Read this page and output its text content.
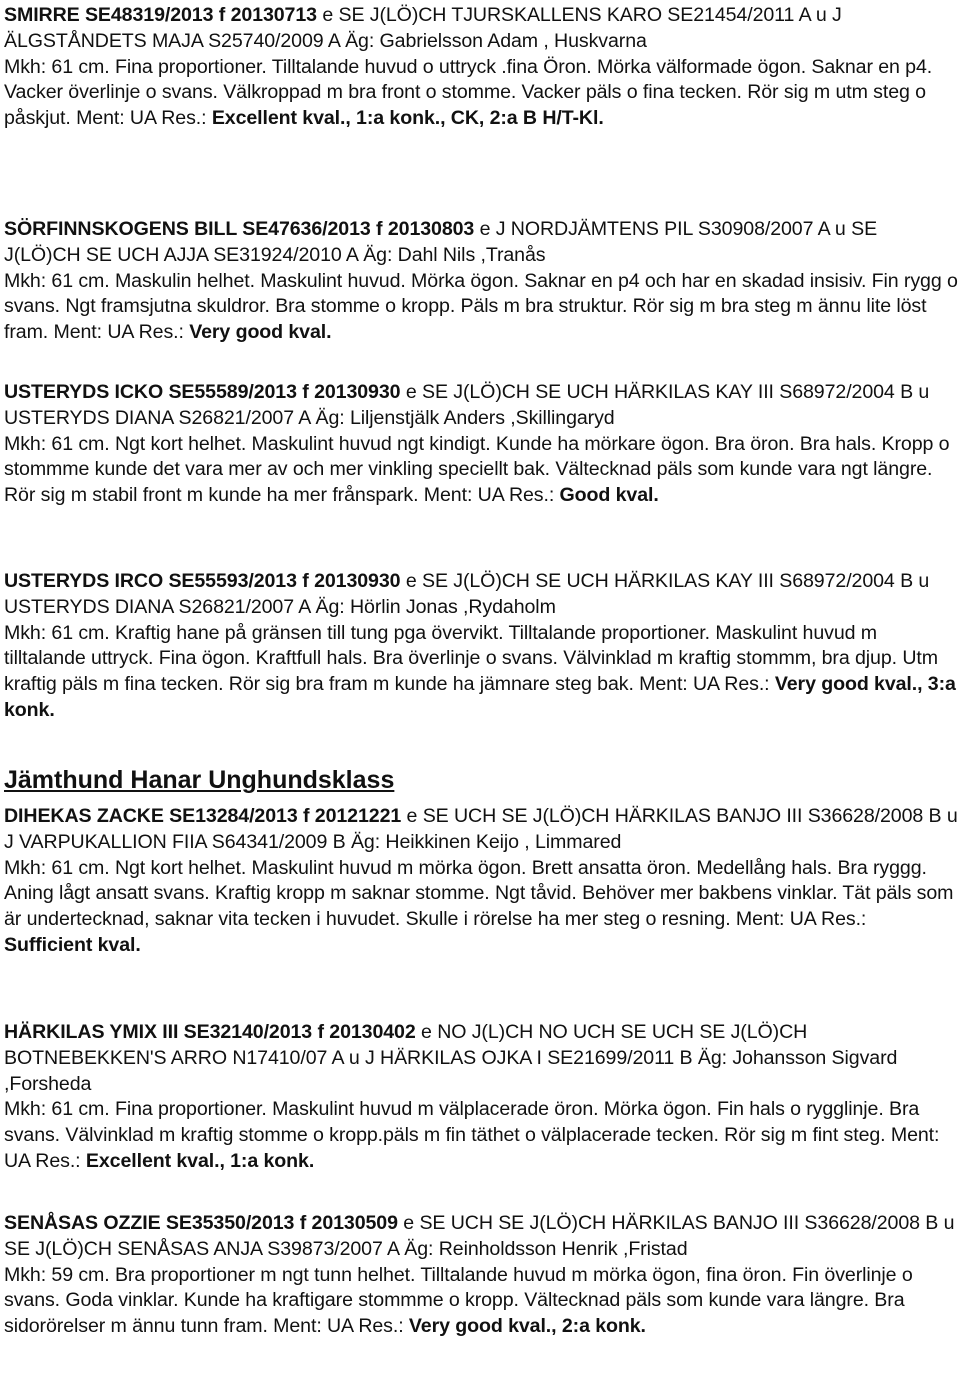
SMIRRE SE48319/2013 f 20130713 e SE J(LÖ)CH TJURSKALLENS KARO SE21454/2011 A u J ÄLGSTÅNDETS MAJA S25740/2009 A Äg: Gabrielsson Adam , Huskvarna
Mkh: 61 cm. Fina proportioner. Tilltalande huvud o uttryck .fina Öron. Mörka välformade ögon. Saknar en p4. Vacker överlinje o svans. Välkroppad m bra front o stomme. Vacker päls o fina tecken. Rör sig m utm steg o påskjut. Ment: UA Res.: Excellent kval., 1:a konk., CK, 2:a B H/T-Kl.

SÖRFINNSKOGENS BILL SE47636/2013 f 20130803 e J NORDJÄMTENS PIL S30908/2007 A u SE J(LÖ)CH SE UCH AJJA SE31924/2010 A Äg: Dahl Nils ,Tranås
Mkh: 61 cm. Maskulin helhet. Maskulint huvud. Mörka ögon. Saknar en p4 och har en skadad insisiv. Fin rygg o svans. Ngt framsjutna skuldror. Bra stomme o kropp. Päls m bra struktur. Rör sig m bra steg m ännu lite löst fram. Ment: UA Res.: Very good kval.

USTERYDS ICKO SE55589/2013 f 20130930 e SE J(LÖ)CH SE UCH HÄRKILAS KAY III S68972/2004 B u USTERYDS DIANA S26821/2007 A Äg: Liljenstjälk Anders ,Skillingaryd
Mkh: 61 cm. Ngt kort helhet. Maskulint huvud ngt kindigt. Kunde ha mörkare ögon. Bra öron. Bra hals. Kropp o stommme kunde det vara mer av och mer vinkling speciellt bak. Vältecknad päls som kunde vara ngt längre. Rör sig m stabil front m kunde ha mer frånspark. Ment: UA Res.: Good kval.

USTERYDS IRCO SE55593/2013 f 20130930 e SE J(LÖ)CH SE UCH HÄRKILAS KAY III S68972/2004 B u USTERYDS DIANA S26821/2007 A Äg: Hörlin Jonas ,Rydaholm
Mkh: 61 cm. Kraftig hane på gränsen till tung pga övervikt. Tilltalande proportioner. Maskulint huvud m tilltalande uttryck. Fina ögon. Kraftfull hals. Bra överlinje o svans. Välvinklad m kraftig stommm, bra djup. Utm kraftig päls m fina tecken. Rör sig bra fram m kunde ha jämnare steg bak. Ment: UA Res.: Very good kval., 3:a konk.

Jämthund Hanar Unghundsklass

DIHEKAS ZACKE SE13284/2013 f 20121221 e SE UCH SE J(LÖ)CH HÄRKILAS BANJO III S36628/2008 B u J VARPUKALLION FIIA S64341/2009 B Äg: Heikkinen Keijo , Limmared
Mkh: 61 cm. Ngt kort helhet. Maskulint huvud m mörka ögon. Brett ansatta öron. Medellång hals. Bra ryggg. Aning lågt ansatt svans. Kraftig kropp m saknar stomme. Ngt tåvid. Behöver mer bakbens vinklar. Tät päls som är undertecknad, saknar vita tecken i huvudet. Skulle i rörelse ha mer steg o resning. Ment: UA Res.: Sufficient kval.

HÄRKILAS YMIX III SE32140/2013 f 20130402 e NO J(L)CH NO UCH SE UCH SE J(LÖ)CH BOTNEBEKKEN'S ARRO N17410/07 A u J HÄRKILAS OJKA I SE21699/2011 B Äg: Johansson Sigvard ,Forsheda
Mkh: 61 cm. Fina proportioner. Maskulint huvud m välplacerade öron. Mörka ögon. Fin hals o rygglinje. Bra svans. Välvinklad m kraftig stomme o kropp.päls m fin täthet o välplacerade tecken. Rör sig m fint steg. Ment: UA Res.: Excellent kval., 1:a konk.

SENÅSAS OZZIE SE35350/2013 f 20130509 e SE UCH SE J(LÖ)CH HÄRKILAS BANJO III S36628/2008 B u SE J(LÖ)CH SENÅSAS ANJA S39873/2007 A Äg: Reinholdsson Henrik ,Fristad
Mkh: 59 cm. Bra proportioner m ngt tunn helhet. Tilltalande huvud m mörka ögon, fina öron. Fin överlinje o svans. Goda vinklar. Kunde ha kraftigare stommme o kropp. Vältecknad päls som kunde vara längre. Bra sidorörelser m ännu tunn fram. Ment: UA Res.: Very good kval., 2:a konk.
